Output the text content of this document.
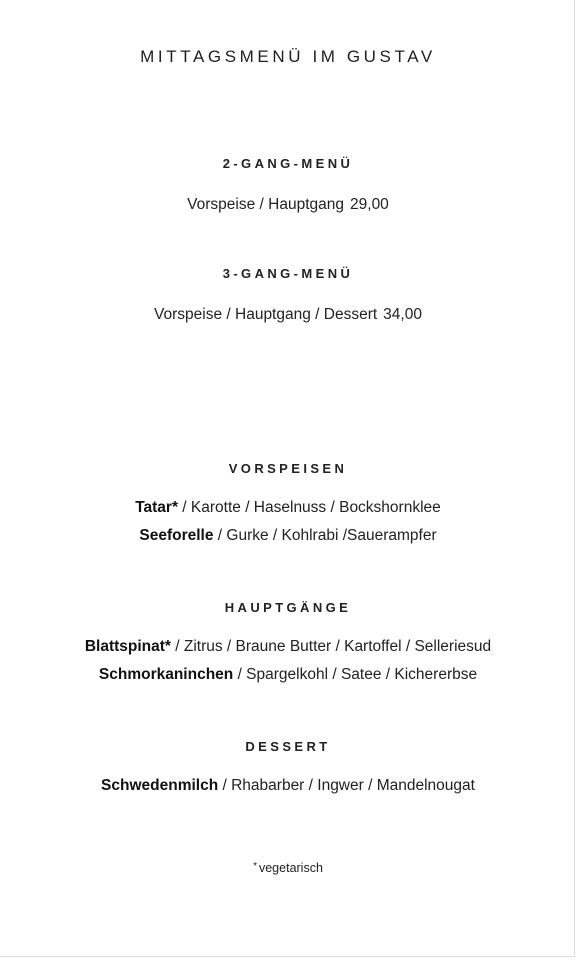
MITTAGSMENÜ IM GUSTAV
2-GANG-MENÜ
Vorspeise / Hauptgang 29,00
3-GANG-MENÜ
Vorspeise / Hauptgang / Dessert 34,00
VORSPEISEN
Tatar* / Karotte / Haselnuss / Bockshornklee
Seeforelle / Gurke / Kohlrabi /Sauerampfer
HAUPTGÄNGE
Blattspinat* / Zitrus / Braune Butter / Kartoffel / Selleriesud
Schmorkaninchen / Spargelkohl / Satee / Kichererbse
DESSERT
Schwedenmilch / Rhabarber / Ingwer / Mandelnougat
* vegetarisch
